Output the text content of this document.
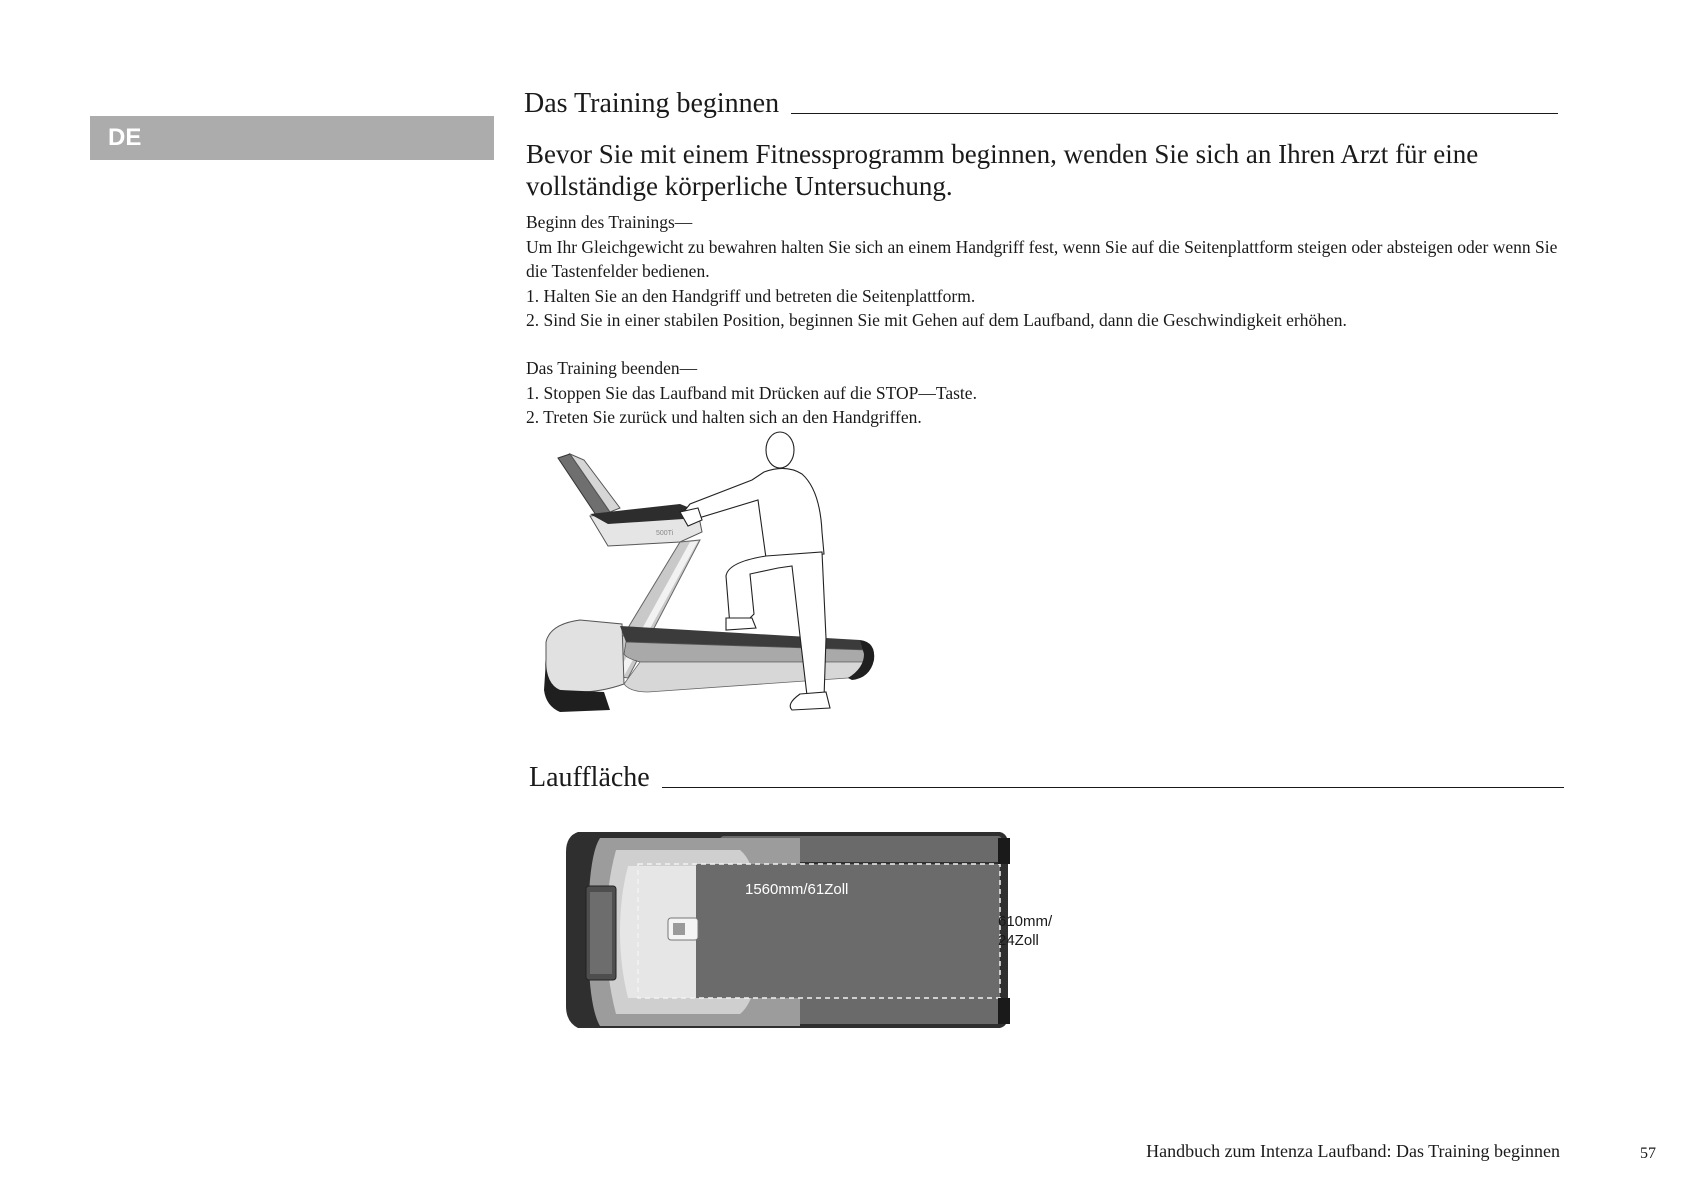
DE
Das Training beginnen
Bevor Sie mit einem Fitnessprogramm beginnen, wenden Sie sich an Ihren Arzt für eine vollständige körperliche Untersuchung.

Beginn des Trainings—

Um Ihr Gleichgewicht zu bewahren halten Sie sich an einem Handgriff fest, wenn Sie auf die Seitenplattform steigen oder absteigen oder wenn Sie die Tastenfelder bedienen.

1. Halten Sie an den Handgriff und betreten die Seitenplattform.

2. Sind Sie in einer stabilen Position, beginnen Sie mit Gehen auf dem Laufband, dann die Geschwindigkeit erhöhen.

Das Training beenden—

1. Stoppen Sie das Laufband mit Drücken auf die STOP—Taste.

2. Treten Sie zurück und halten sich an den Handgriffen.

500Ti
Lauffläche
1560mm/61Zoll
610mm/
24Zoll
Handbuch zum Intenza Laufband: Das Training beginnen	57
